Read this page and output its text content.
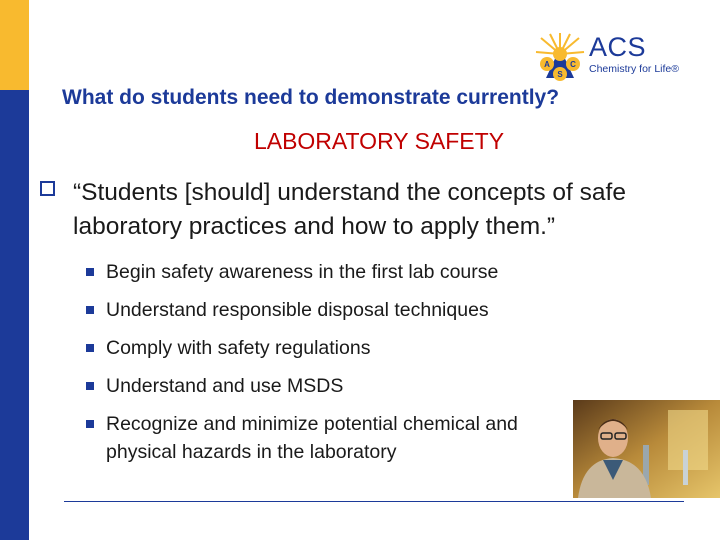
A	C
S
ACS
Chemistry for Life®
What do students need to demonstrate currently?
LABORATORY SAFETY
“Students [should] understand the concepts of safe laboratory practices and how to apply them.”
Begin safety awareness in the first lab course
Understand responsible disposal techniques
Comply with safety regulations
Understand and use MSDS
Recognize and minimize potential chemical and physical hazards in the laboratory
